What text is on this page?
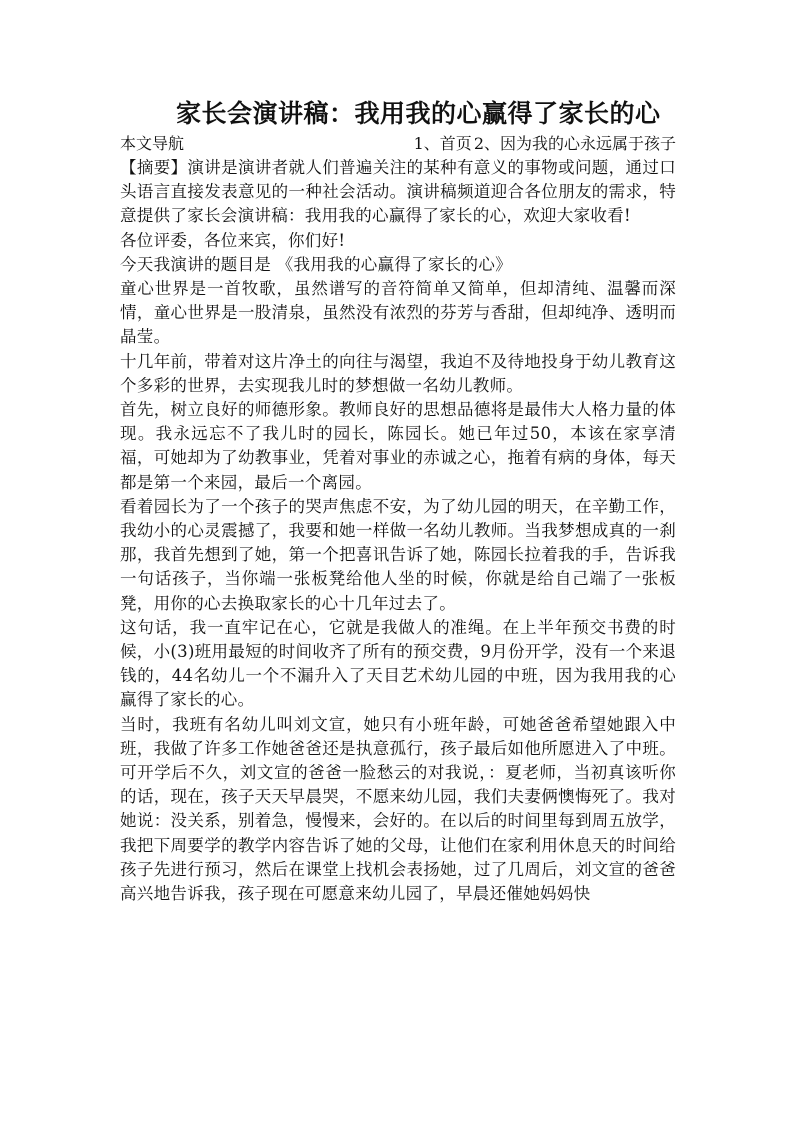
家长会演讲稿：我用我的心赢得了家长的心
本文导航	1、首页 2、因为我的心永远属于孩子

【摘要】演讲是演讲者就人们普遍关注的某种有意义的事物或问题，通过口头语言直接发表意见的一种社会活动。演讲稿频道迎合各位朋友的需求，特意提供了家长会演讲稿：我用我的心赢得了家长的心，欢迎大家收看!

各位评委，各位来宾，你们好!

今天我演讲的题目是 《我用我的心赢得了家长的心》

童心世界是一首牧歌，虽然谱写的音符简单又简单，但却清纯、温馨而深情，童心世界是一股清泉，虽然没有浓烈的芬芳与香甜，但却纯净、透明而晶莹。

十几年前，带着对这片净土的向往与渴望，我迫不及待地投身于幼儿教育这个多彩的世界，去实现我儿时的梦想做一名幼儿教师。

首先，树立良好的师德形象。教师良好的思想品德将是最伟大人格力量的体现。我永远忘不了我儿时的园长，陈园长。她已年过50，本该在家享清福，可她却为了幼教事业，凭着对事业的赤诚之心，拖着有病的身体，每天都是第一个来园，最后一个离园。

看着园长为了一个孩子的哭声焦虑不安，为了幼儿园的明天，在辛勤工作，我幼小的心灵震撼了，我要和她一样做一名幼儿教师。当我梦想成真的一刹那，我首先想到了她，第一个把喜讯告诉了她，陈园长拉着我的手，告诉我一句话孩子，当你端一张板凳给他人坐的时候，你就是给自己端了一张板凳，用你的心去换取家长的心十几年过去了。

这句话，我一直牢记在心，它就是我做人的准绳。在上半年预交书费的时候，小(3)班用最短的时间收齐了所有的预交费，9月份开学，没有一个来退钱的，44名幼儿一个不漏升入了天目艺术幼儿园的中班，因为我用我的心赢得了家长的心。

当时，我班有名幼儿叫刘文宣，她只有小班年龄，可她爸爸希望她跟入中班，我做了许多工作她爸爸还是执意孤行，孩子最后如他所愿进入了中班。可开学后不久，刘文宣的爸爸一脸愁云的对我说，：夏老师，当初真该听你的话，现在，孩子天天早晨哭，不愿来幼儿园，我们夫妻俩懊悔死了。我对她说：没关系，别着急，慢慢来，会好的。在以后的时间里每到周五放学，我把下周要学的教学内容告诉了她的父母，让他们在家利用休息天的时间给孩子先进行预习，然后在课堂上找机会表扬她，过了几周后，刘文宣的爸爸高兴地告诉我，孩子现在可愿意来幼儿园了，早晨还催她妈妈快
